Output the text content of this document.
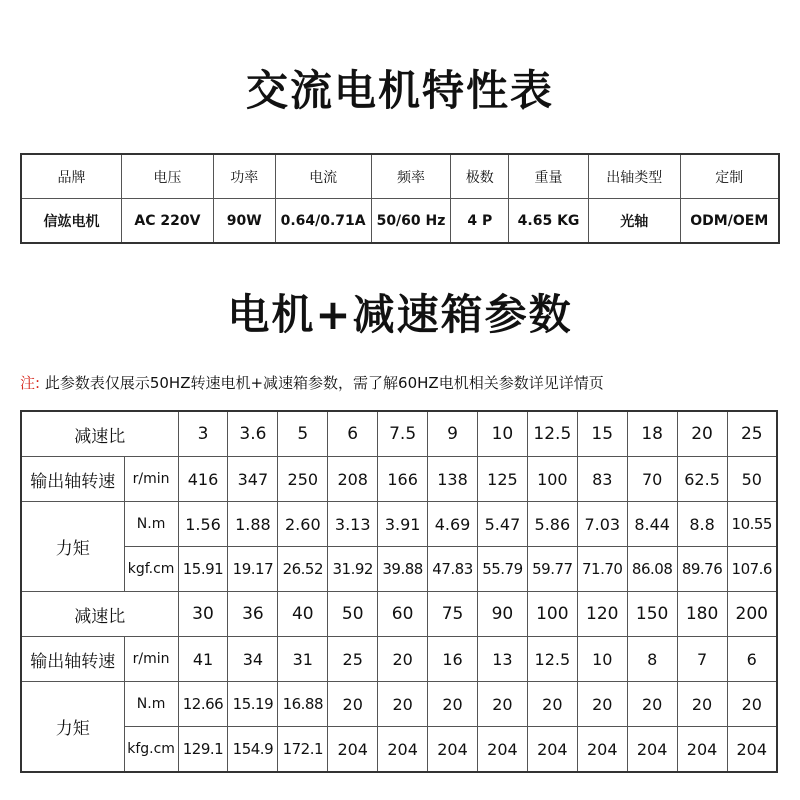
交流电机特性表
品牌	电压	功率	电流	频率	极数	重量	出轴类型	定制
信竑电机	AC 220V	90W	0.64/0.71A	50/60 Hz	4 P	4.65 KG	光轴	ODM/OEM
电机+减速箱参数
注: 此参数表仅展示50HZ转速电机+减速箱参数，需了解60HZ电机相关参数详见详情页
减速比		3	3.6	5	6	7.5	9	10	12.5	15	18	20	25
输出轴转速	r/min	416	347	250	208	166	138	125	100	83	70	62.5	50
力矩	N.m	1.56	1.88	2.60	3.13	3.91	4.69	5.47	5.86	7.03	8.44	8.8	10.55
	kgf.cm	15.91	19.17	26.52	31.92	39.88	47.83	55.79	59.77	71.70	86.08	89.76	107.6
减速比		30	36	40	50	60	75	90	100	120	150	180	200
输出轴转速	r/min	41	34	31	25	20	16	13	12.5	10	8	7	6
力矩	N.m	12.66	15.19	16.88	20	20	20	20	20	20	20	20	20
	kfg.cm	129.1	154.9	172.1	204	204	204	204	204	204	204	204	204
